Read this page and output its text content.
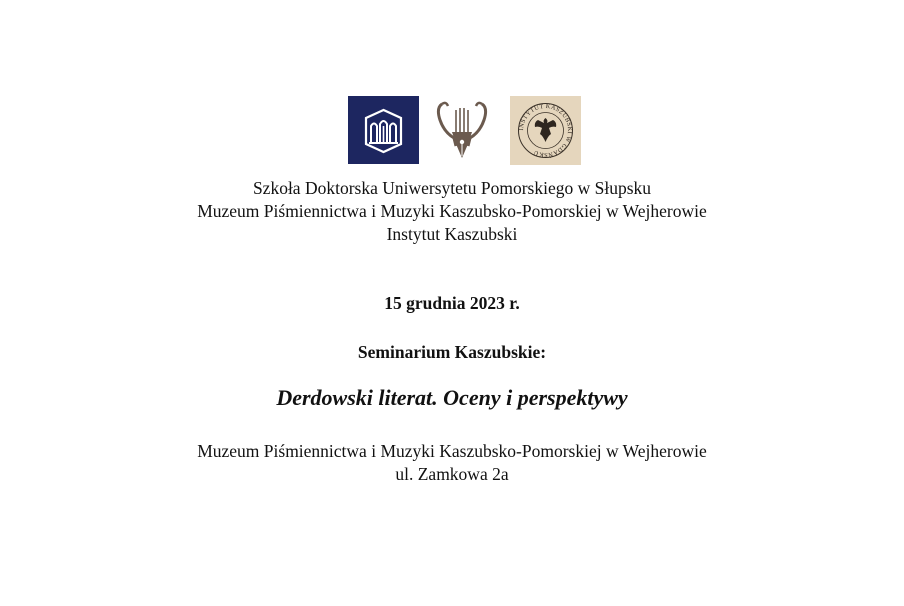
INSTYTUT KASZUBSKI W GDAŃSKU

Szkoła Doktorska Uniwersytetu Pomorskiego w Słupsku

Muzeum Piśmiennictwa i Muzyki Kaszubsko-Pomorskiej w Wejherowie

Instytut Kaszubski

15 grudnia 2023 r.

Seminarium Kaszubskie:

Derdowski literat. Oceny i perspektywy

Muzeum Piśmiennictwa i Muzyki Kaszubsko-Pomorskiej w Wejherowie

ul. Zamkowa 2a
